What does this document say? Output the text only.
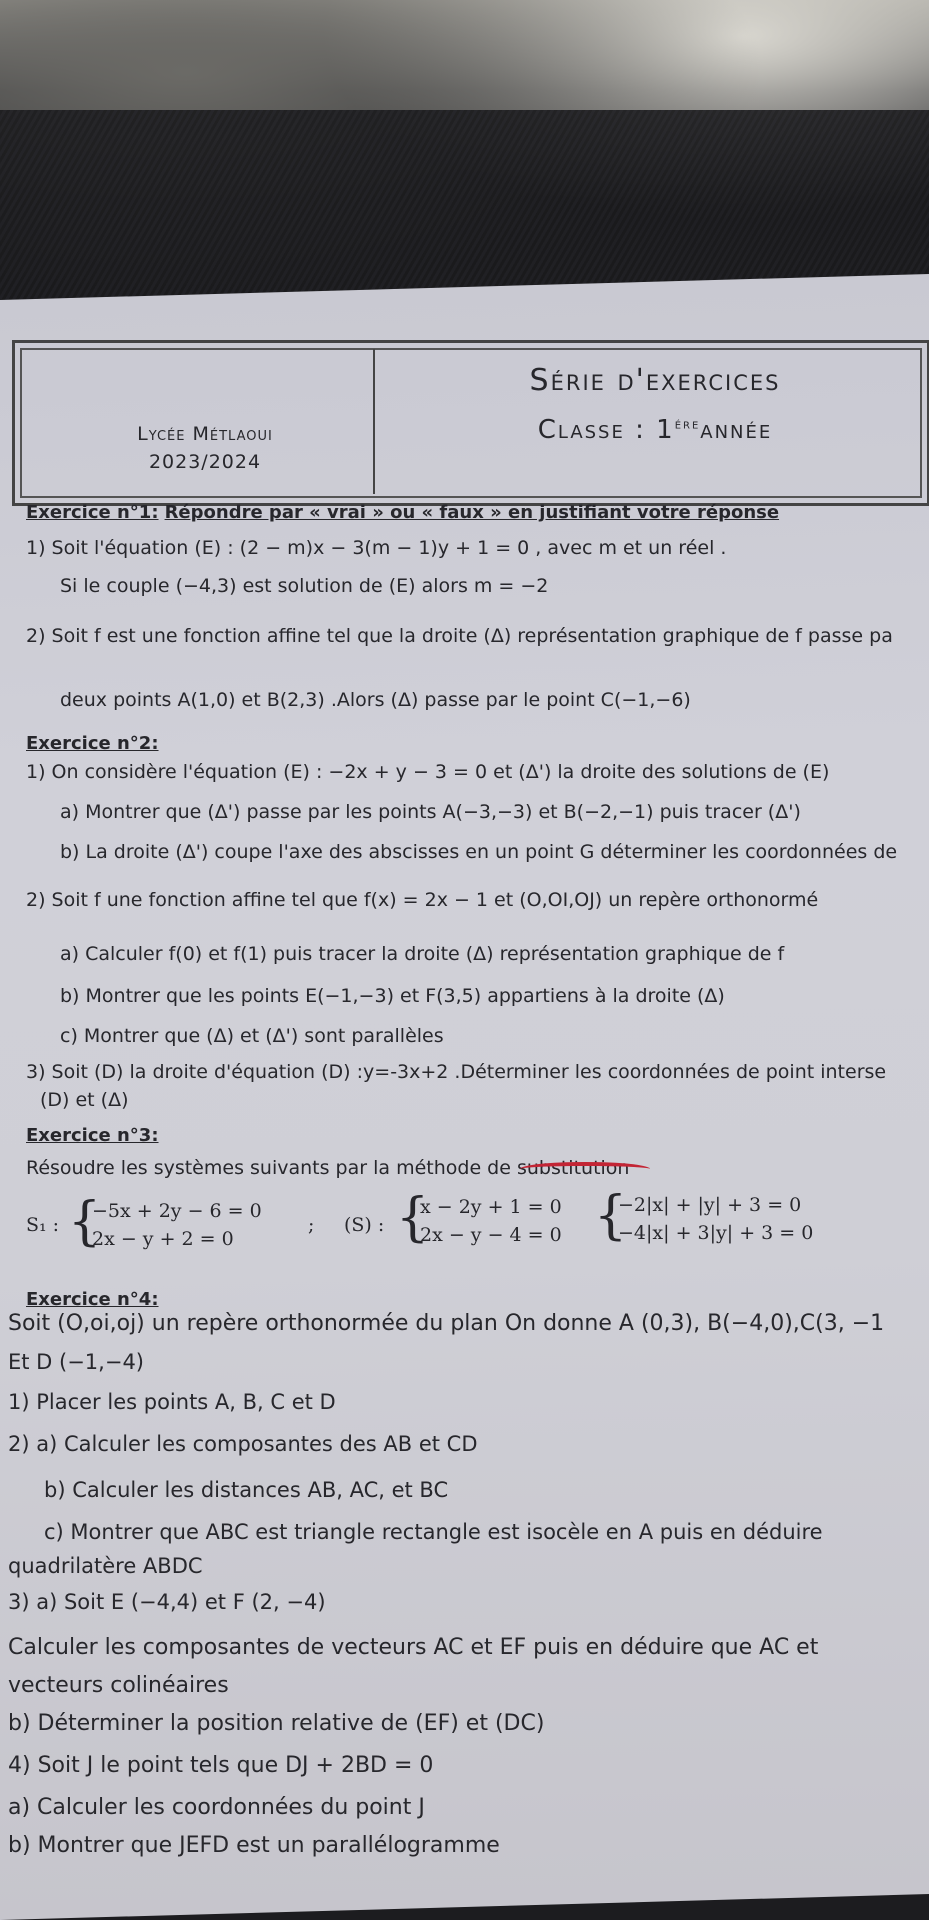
Lycée Métlaoui
2023/2024
Série d'exercices
Classe : $1^{ére}année$
Exercice n°1: Répondre par « vrai » ou « faux » en justifiant votre réponse
1) Soit l'équation (E) : (2 − m)x − 3(m − 1)y + 1 = 0 , avec m et un réel .
Si le couple (−4,3) est solution de (E) alors m = −2
2) Soit f est une fonction affine tel que la droite (Δ) représentation graphique de f passe pa
deux points A(1,0) et B(2,3) .Alors (Δ) passe par le point C(−1,−6)
Exercice n°2:
1) On considère l'équation (E) : −2x + y − 3 = 0 et (Δ') la droite des solutions de (E)
a) Montrer que (Δ') passe par les points A(−3,−3) et B(−2,−1) puis tracer (Δ')
b) La droite (Δ') coupe l'axe des abscisses en un point G déterminer les coordonnées de
2) Soit f une fonction affine tel que f(x) = 2x − 1 et (O,OI,OJ) un repère orthonormé
a) Calculer f(0) et f(1) puis tracer la droite (Δ) représentation graphique de f
b) Montrer que les points E(−1,−3) et F(3,5) appartiens à la droite (Δ)
c) Montrer que (Δ) et (Δ') sont parallèles
3) Soit (D) la droite d'équation (D) :y=-3x+2 .Déterminer les coordonnées de point interse
(D) et (Δ)
Exercice n°3:
Résoudre les systèmes suivants par la méthode de substitution
S₁ : {
−5x + 2y − 6 = 0
2x − y + 2 = 0
; (S) : {
x − 2y + 1 = 0
2x − y − 4 = 0 {
−2|x| + |y| + 3 = 0
−4|x| + 3|y| + 3 = 0
Exercice n°4:
Soit (O,oi,oj) un repère orthonormée du plan On donne A (0,3), B(−4,0),C(3, −1
Et D (−1,−4)
1) Placer les points A, B, C et D
2) a) Calculer les composantes des AB et CD
b) Calculer les distances AB, AC, et BC
c) Montrer que ABC est triangle rectangle est isocèle en A puis en déduire
quadrilatère ABDC
3) a) Soit E (−4,4) et F (2, −4)
Calculer les composantes de vecteurs AC et EF puis en déduire que AC et
vecteurs colinéaires
b) Déterminer la position relative de (EF) et (DC)
4) Soit J le point tels que DJ + 2BD = 0
a) Calculer les coordonnées du point J
b) Montrer que JEFD est un parallélogramme
